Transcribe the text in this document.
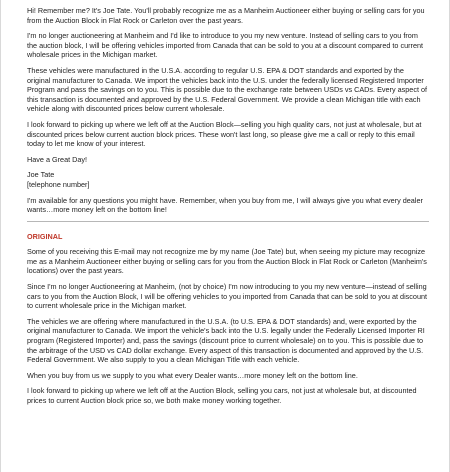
Hi! Remember me? It's Joe Tate. You'll probably recognize me as a Manheim Auctioneer either buying or selling cars for you from the Auction Block in Flat Rock or Carleton over the past years.

I'm no longer auctioneering at Manheim and I'd like to introduce to you my new venture. Instead of selling cars to you from the auction block, I will be offering vehicles imported from Canada that can be sold to you at a discount compared to current wholesale prices in the Michigan market.

These vehicles were manufactured in the U.S.A. according to regular U.S. EPA & DOT standards and exported by the original manufacturer to Canada. We import the vehicles back into the U.S. under the federally licensed Registered Importer Program and pass the savings on to you. This is possible due to the exchange rate between USDs vs CADs. Every aspect of this transaction is documented and approved by the U.S. Federal Government. We provide a clean Michigan title with each vehicle along with discounted prices below current wholesale.

I look forward to picking up where we left off at the Auction Block—selling you high quality cars, not just at wholesale, but at discounted prices below current auction block prices. These won't last long, so please give me a call or reply to this email today to let me know of your interest.

Have a Great Day!

Joe Tate

[telephone number]

I'm available for any questions you might have. Remember, when you buy from me, I will always give you what every dealer wants…more money left on the bottom line!

ORIGINAL

Some of you receiving this E-mail may not recognize me by my name (Joe Tate) but, when seeing my picture may recognize me as a Manheim Auctioneer either buying or selling cars for you from the Auction Block in Flat Rock or Carleton (Manheim's locations) over the past years.

Since I'm no longer Auctioneering at Manheim, (not by choice) I'm now introducing to you my new venture—instead of selling cars to you from the Auction Block, I will be offering vehicles to you imported from Canada that can be sold to you at discount to current wholesale price in the Michigan market.

The vehicles we are offering where manufactured in the U.S.A. (to U.S. EPA & DOT standards) and, were exported by the original manufacturer to Canada. We import the vehicle's back into the U.S. legally under the Federally Licensed Importer RI program (Registered Importer) and, pass the savings (discount price to current wholesale) on to you. This is possible due to the arbitrage of the USD vs CAD dollar exchange. Every aspect of this transaction is documented and approved by the U.S. Federal Government. We also supply to you a clean Michigan Title with each vehicle.

When you buy from us we supply to you what every Dealer wants…more money left on the bottom line.

I look forward to picking up where we left off at the Auction Block, selling you cars, not just at wholesale but, at discounted prices to current Auction block price so, we both make money working together.
